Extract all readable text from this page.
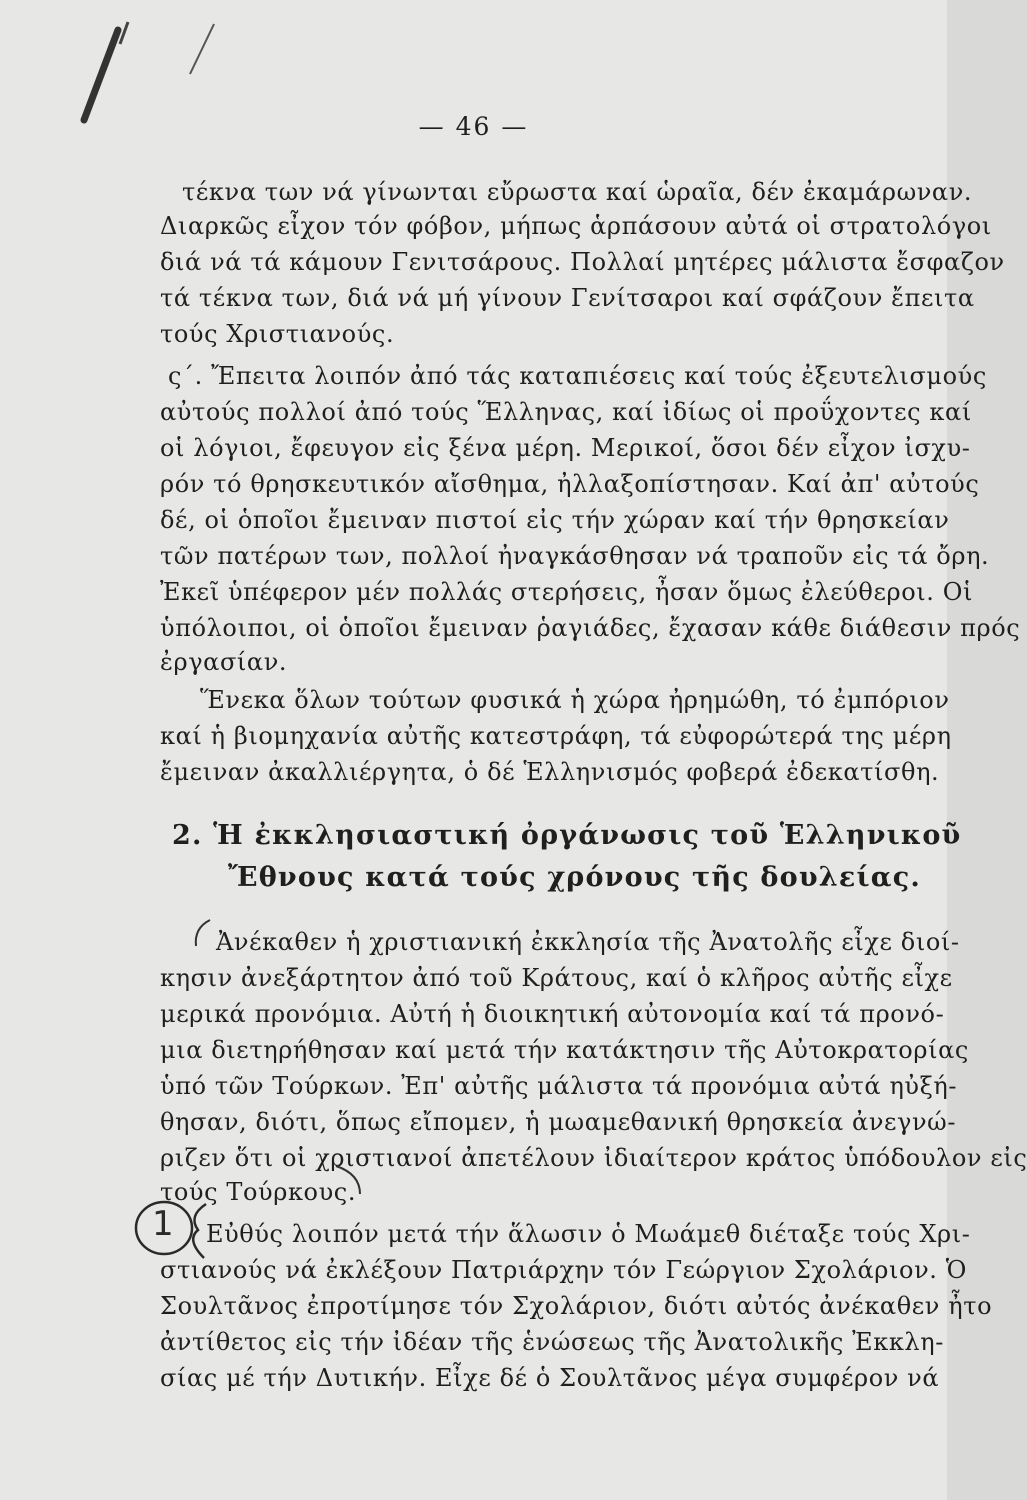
— 46 —
τέκνα των νά γίνωνται εὔρωστα καί ὡραῖα, δέν ἐκαμάρωναν.
Διαρκῶς εἶχον τόν φόβον, μήπως ἁρπάσουν αὐτά οἱ στρατολόγοι
διά νά τά κάμουν Γενιτσάρους. Πολλαί μητέρες μάλιστα ἔσφαζον
τά τέκνα των, διά νά μή γίνουν Γενίτσαροι καί σφάζουν ἔπειτα
τούς Χριστιανούς.
ς´. Ἔπειτα λοιπόν ἀπό τάς καταπιέσεις καί τούς ἐξευτελισμούς
αὐτούς πολλοί ἀπό τούς Ἕλληνας, καί ἰδίως οἱ προΰχοντες καί
οἱ λόγιοι, ἔφευγον εἰς ξένα μέρη. Μερικοί, ὅσοι δέν εἶχον ἰσχυ-
ρόν τό θρησκευτικόν αἴσθημα, ἠλλαξοπίστησαν. Καί ἀπ' αὐτούς
δέ, οἱ ὁποῖοι ἔμειναν πιστοί εἰς τήν χώραν καί τήν θρησκείαν
τῶν πατέρων των, πολλοί ἠναγκάσθησαν νά τραποῦν εἰς τά ὄρη.
Ἐκεῖ ὑπέφερον μέν πολλάς στερήσεις, ἦσαν ὅμως ἐλεύθεροι. Οἱ
ὑπόλοιποι, οἱ ὁποῖοι ἔμειναν ῥαγιάδες, ἔχασαν κάθε διάθεσιν πρός
ἐργασίαν.
Ἕνεκα ὅλων τούτων φυσικά ἡ χώρα ἠρημώθη, τό ἐμπόριον
καί ἡ βιομηχανία αὐτῆς κατεστράφη, τά εὐφορώτερά της μέρη
ἔμειναν ἀκαλλιέργητα, ὁ δέ Ἑλληνισμός φοβερά ἐδεκατίσθη.
2. Ἡ ἐκκλησιαστική ὀργάνωσις τοῦ Ἑλληνικοῦ
Ἔθνους κατά τούς χρόνους τῆς δουλείας.
Ἀνέκαθεν ἡ χριστιανική ἐκκλησία τῆς Ἀνατολῆς εἶχε διοί-
κησιν ἀνεξάρτητον ἀπό τοῦ Κράτους, καί ὁ κλῆρος αὐτῆς εἶχε
μερικά προνόμια. Αὐτή ἡ διοικητική αὐτονομία καί τά προνό-
μια διετηρήθησαν καί μετά τήν κατάκτησιν τῆς Αὐτοκρατορίας
ὑπό τῶν Τούρκων. Ἐπ' αὐτῆς μάλιστα τά προνόμια αὐτά ηὐξή-
θησαν, διότι, ὅπως εἴπομεν, ἡ μωαμεθανική θρησκεία ἀνεγνώ-
ριζεν ὅτι οἱ χριστιανοί ἀπετέλουν ἰδιαίτερον κράτος ὑπόδουλον εἰς
τούς Τούρκους.
Εὐθύς λοιπόν μετά τήν ἅλωσιν ὁ Μωάμεθ διέταξε τούς Χρι-
στιανούς νά ἐκλέξουν Πατριάρχην τόν Γεώργιον Σχολάριον. Ὁ
Σουλτᾶνος ἐπροτίμησε τόν Σχολάριον, διότι αὐτός ἀνέκαθεν ἦτο
ἀντίθετος εἰς τήν ἰδέαν τῆς ἑνώσεως τῆς Ἀνατολικῆς Ἐκκλη-
σίας μέ τήν Δυτικήν. Εἶχε δέ ὁ Σουλτᾶνος μέγα συμφέρον νά
1
